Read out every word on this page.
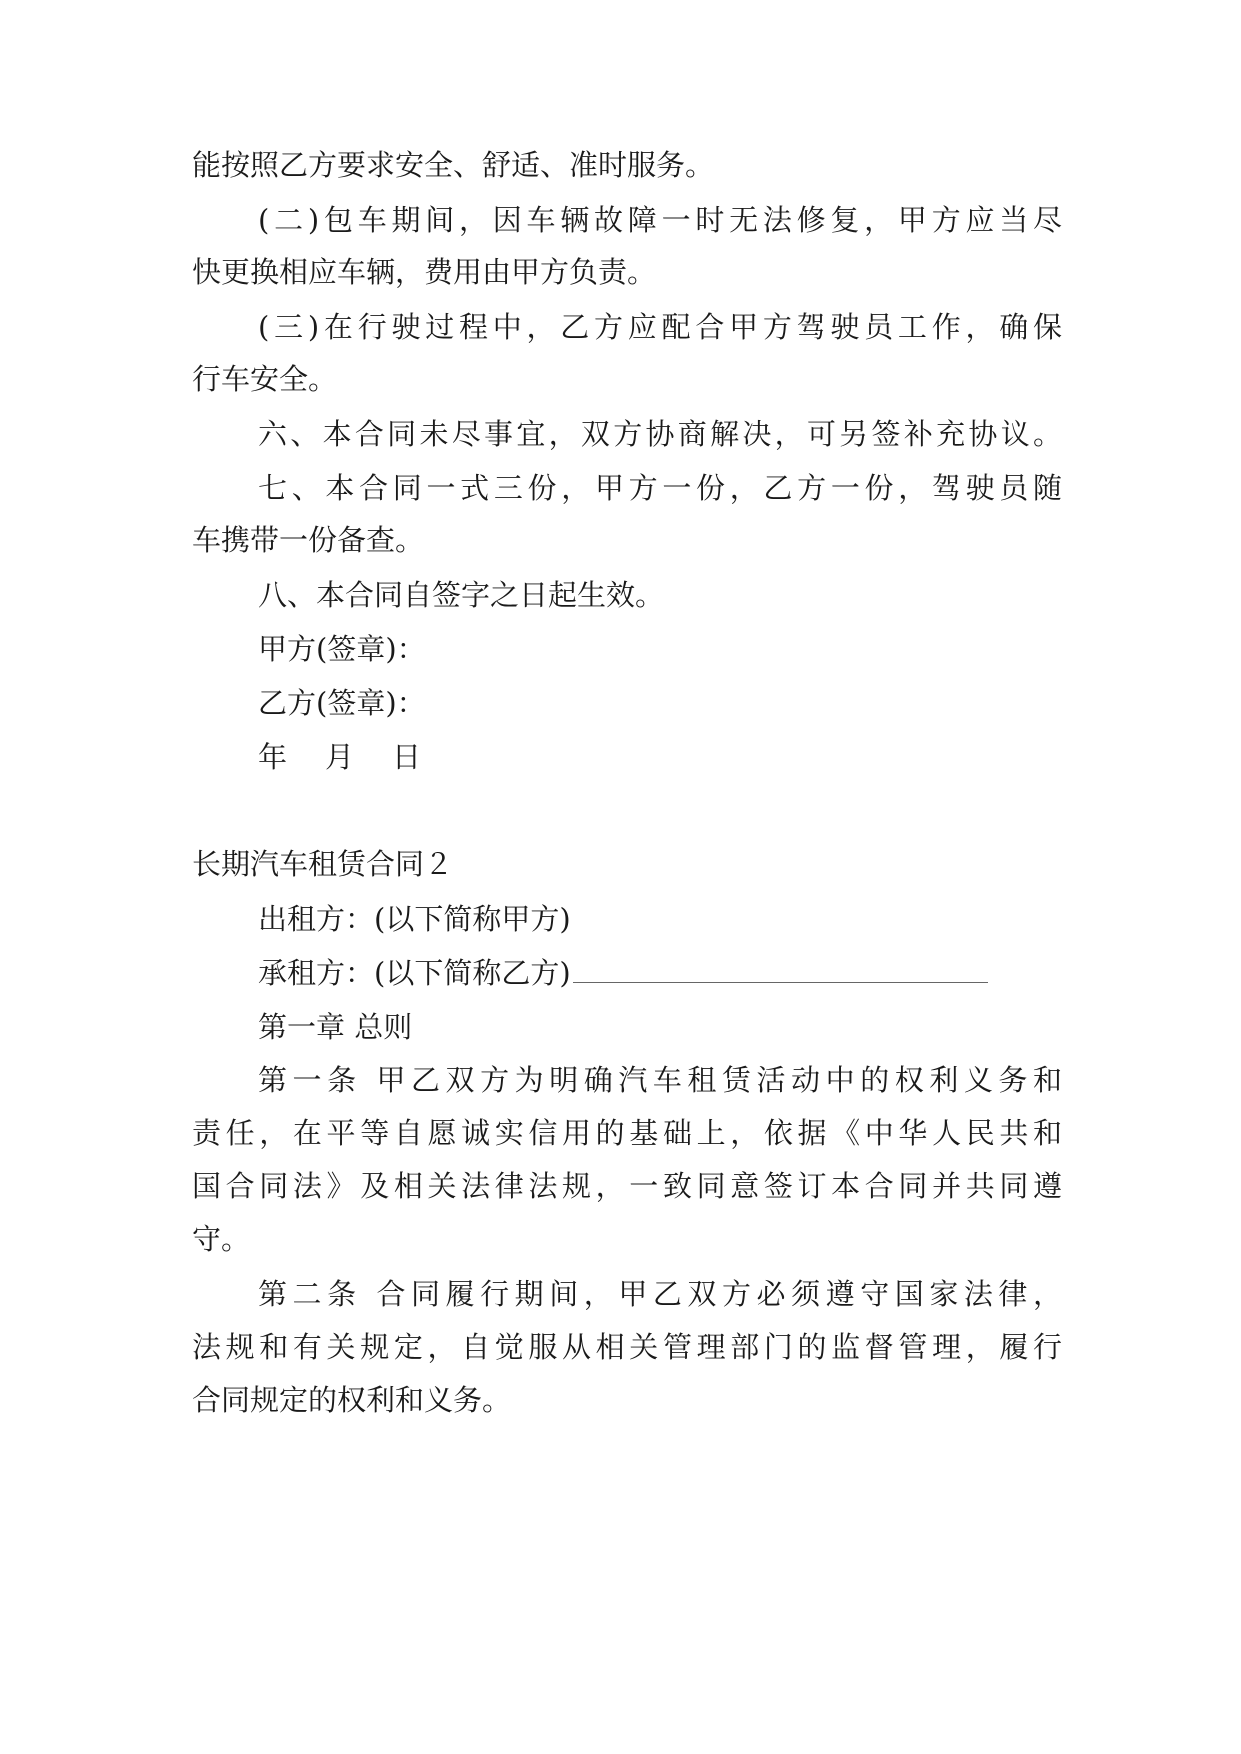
能按照乙方要求安全、舒适、准时服务。
(二)包车期间，因车辆故障一时无法修复，甲方应当尽
快更换相应车辆，费用由甲方负责。
(三)在行驶过程中，乙方应配合甲方驾驶员工作，确保
行车安全。
六、本合同未尽事宜，双方协商解决，可另签补充协议。
七、本合同一式三份，甲方一份，乙方一份，驾驶员随
车携带一份备查。
八、本合同自签字之日起生效。
甲方(签章)：
乙方(签章)：
年 月 日
长期汽车租赁合同２
出租方：(以下简称甲方)
承租方：(以下简称乙方)
第一章 总则
第一条 甲乙双方为明确汽车租赁活动中的权利义务和
责任，在平等自愿诚实信用的基础上，依据《中华人民共和
国合同法》及相关法律法规，一致同意签订本合同并共同遵
守。
第二条 合同履行期间，甲乙双方必须遵守国家法律，
法规和有关规定，自觉服从相关管理部门的监督管理，履行
合同规定的权利和义务。
